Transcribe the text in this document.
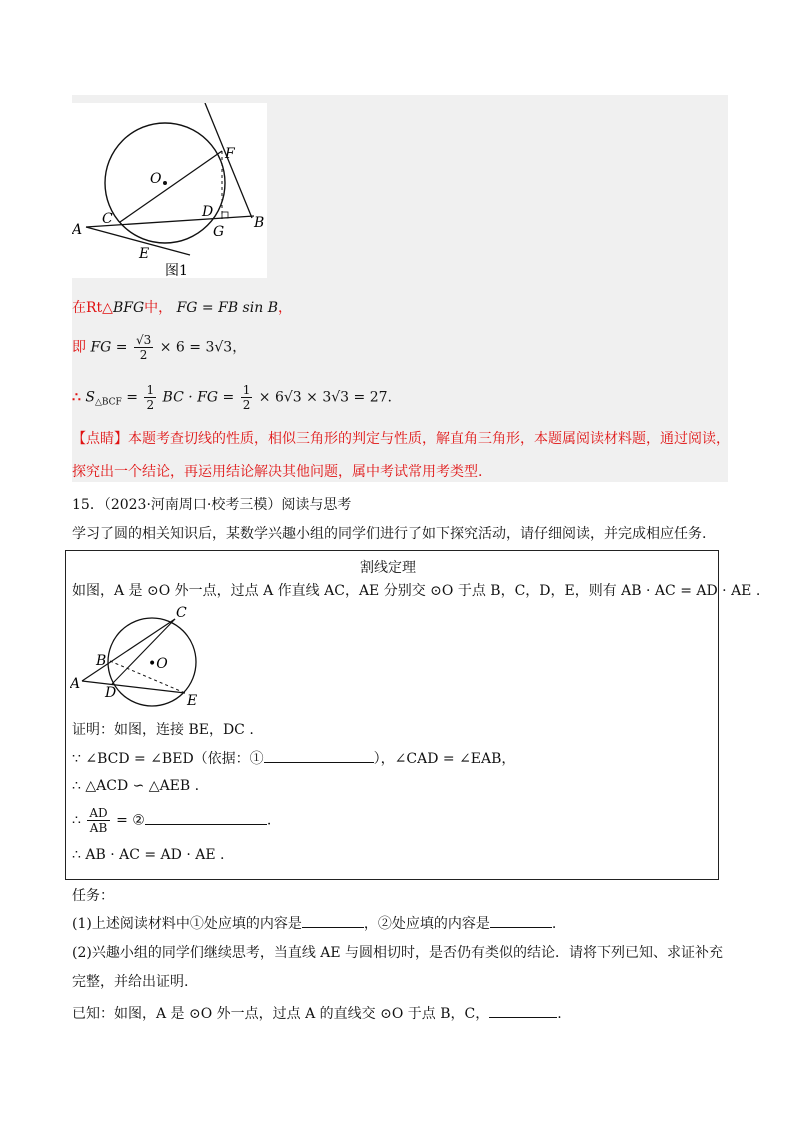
O
F
C	D
B
A	G
E
图1
在Rt△BFG中， FG = FB sin B，
即 FG = $\frac{√3}{2} \times 6 = 3√3$，
∴ $S_{\triangle BCF} = \frac{1}{2}$ BC · FG = $\frac{1}{2} \times 6√3 \times 3√3 = 27$.
【点睛】本题考查切线的性质，相似三角形的判定与性质，解直角三角形，本题属阅读材料题，通过阅读，
探究出一个结论，再运用结论解决其他问题，属中考试常用考类型.
15．（2023·河南周口·校考三模）阅读与思考
学习了圆的相关知识后，某数学兴趣小组的同学们进行了如下探究活动，请仔细阅读，并完成相应任务.
割线定理
如图，A 是 ⊙O 外一点，过点 A 作直线 AC，AE 分别交 ⊙O 于点 B，C，D，E，则有 AB · AC = AD · AE .
C
B	•O
A
D	E
证明：如图，连接 BE，DC .
∵ ∠BCD = ∠BED（依据：①	），∠CAD = ∠EAB，
∴ △ACD ∽ △AEB .
∴ $\frac{AD}{AB}$ = ②	.
∴ AB · AC = AD · AE .
任务：
(1)上述阅读材料中①处应填的内容是	，②处应填的内容是	.
(2)兴趣小组的同学们继续思考，当直线 AE 与圆相切时，是否仍有类似的结论．请将下列已知、求证补充
完整，并给出证明.
已知：如图，A 是 ⊙O 外一点，过点 A 的直线交 ⊙O 于点 B，C，	.
